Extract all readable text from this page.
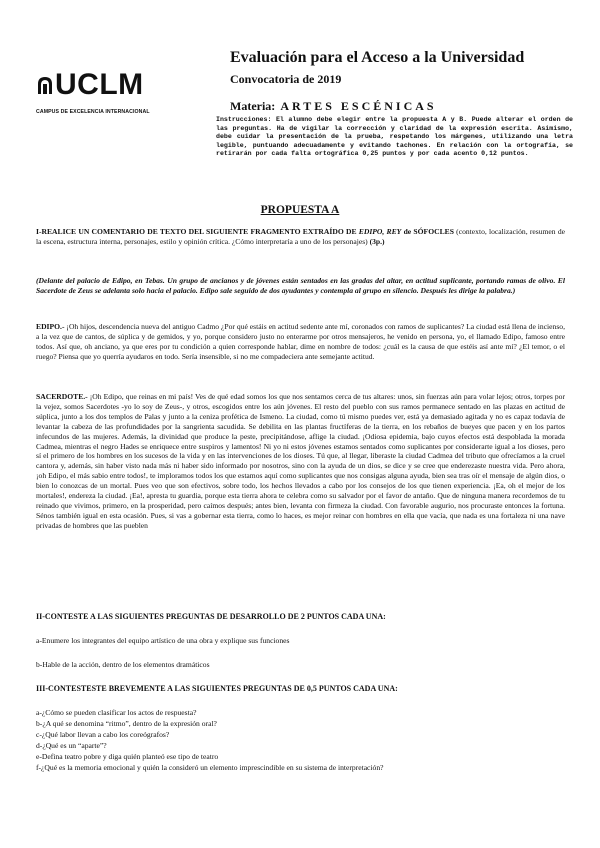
UCLM
CAMPUS DE EXCELENCIA INTERNACIONAL
Evaluación para el Acceso a la Universidad
Convocatoria de 2019
Materia: ARTES ESCÉNICAS
Instrucciones: El alumno debe elegir entre la propuesta A y B. Puede alterar el orden de las preguntas. Ha de vigilar la corrección y claridad de la expresión escrita. Asimismo, debe cuidar la presentación de la prueba, respetando los márgenes, utilizando una letra legible, puntuando adecuadamente y evitando tachones. En relación con la ortografía, se retirarán por cada falta ortográfica 0,25 puntos y por cada acento 0,12 puntos.
PROPUESTA A
I-REALICE UN COMENTARIO DE TEXTO DEL SIGUIENTE FRAGMENTO EXTRAÍDO DE EDIPO, REY de SÓFOCLES (contexto, localización, resumen de la escena, estructura interna, personajes, estilo y opinión crítica. ¿Cómo interpretaría a uno de los personajes) (3p.)
(Delante del palacio de Edipo, en Tebas. Un grupo de ancianos y de jóvenes están sentados en las gradas del altar, en actitud suplicante, portando ramas de olivo. El Sacerdote de Zeus se adelanta solo hacia el palacio. Edipo sale seguido de dos ayudantes y contempla al grupo en silencio. Después les dirige la palabra.)
EDIPO.- ¡Oh hijos, descendencia nueva del antiguo Cadmo ¿Por qué estáis en actitud sedente ante mí, coronados con ramos de suplicantes? La ciudad está llena de incienso, a la vez que de cantos, de súplica y de gemidos, y yo, porque considero justo no enterarme por otros mensajeros, he venido en persona, yo, el llamado Edipo, famoso entre todos. Así que, oh anciano, ya que eres por tu condición a quien corresponde hablar, dime en nombre de todos: ¿cuál es la causa de que estéis así ante mí? ¿El temor, o el ruego? Piensa que yo querría ayudaros en todo. Sería insensible, si no me compadeciera ante semejante actitud.
SACERDOTE.- ¡Oh Edipo, que reinas en mi país! Ves de qué edad somos los que nos sentamos cerca de tus altares: unos, sin fuerzas aún para volar lejos; otros, torpes por la vejez, somos Sacerdotes -yo lo soy de Zeus-, y otros, escogidos entre los aún jóvenes. El resto del pueblo con sus ramos permanece sentado en las plazas en actitud de súplica, junto a los dos templos de Palas y junto a la ceniza profética de Ismeno. La ciudad, como tú mismo puedes ver, está ya demasiado agitada y no es capaz todavía de levantar la cabeza de las profundidades por la sangrienta sacudida. Se debilita en las plantas fructíferas de la tierra, en los rebaños de bueyes que pacen y en los partos infecundos de las mujeres. Además, la divinidad que produce la peste, precipitándose, aflige la ciudad. ¡Odiosa epidemia, bajo cuyos efectos está despoblada la morada Cadmea, mientras el negro Hades se enriquece entre suspiros y lamentos! Ni yo ni estos jóvenes estamos sentados como suplicantes por considerarte igual a los dioses, pero sí el primero de los hombres en los sucesos de la vida y en las intervenciones de los dioses. Tú que, al llegar, liberaste la ciudad Cadmea del tributo que ofrecíamos a la cruel cantora y, además, sin haber visto nada más ni haber sido informado por nosotros, sino con la ayuda de un dios, se dice y se cree que enderezaste nuestra vida. Pero ahora, ¡oh Edipo, el más sabio entre todos!, te imploramos todos los que estamos aquí como suplicantes que nos consigas alguna ayuda, bien sea tras oír el mensaje de algún dios, o bien lo conozcas de un mortal. Pues veo que son efectivos, sobre todo, los hechos llevados a cabo por los consejos de los que tienen experiencia. ¡Ea, oh el mejor de los mortales!, endereza la ciudad. ¡Ea!, apresta tu guardia, porque esta tierra ahora te celebra como su salvador por el favor de antaño. Que de ninguna manera recordemos de tu reinado que vivimos, primero, en la prosperidad, pero caímos después; antes bien, levanta con firmeza la ciudad. Con favorable augurio, nos procuraste entonces la fortuna. Sénos también igual en esta ocasión. Pues, si vas a gobernar esta tierra, como lo haces, es mejor reinar con hombres en ella que vacía, que nada es una fortaleza ni una nave privadas de hombres que las pueblen
II-CONTESTE A LAS SIGUIENTES PREGUNTAS DE DESARROLLO DE 2 PUNTOS CADA UNA:
a-Enumere los integrantes del equipo artístico de una obra y explique sus funciones
b-Hable de la acción, dentro de los elementos dramáticos
III-CONTESTESTE BREVEMENTE A LAS SIGUIENTES PREGUNTAS DE 0,5 PUNTOS CADA UNA:
a-¿Cómo se pueden clasificar los actos de respuesta?
b-¿A qué se denomina “ritmo”, dentro de la expresión oral?
c-¿Qué labor llevan a cabo los coreógrafos?
d-¿Qué es un “aparte”?
e-Defina teatro pobre y diga quién planteó ese tipo de teatro
f-¿Qué es la memoria emocional y quién la consideró un elemento imprescindible en su sistema de interpretación?
